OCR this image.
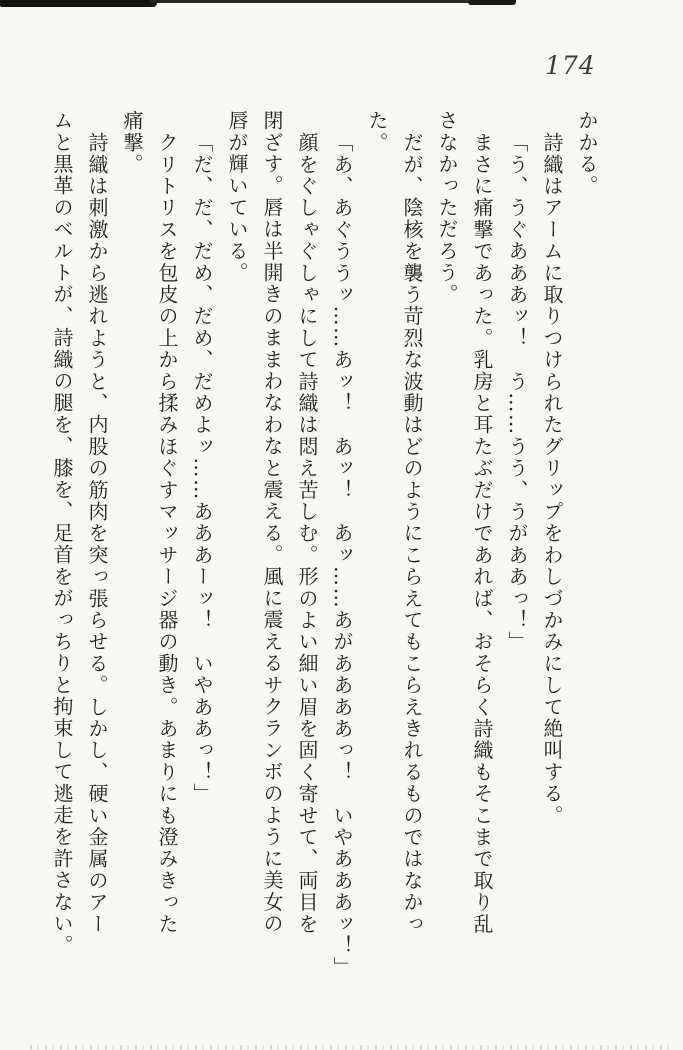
174
かかる。
詩織はアームに取りつけられたグリップをわしづかみにして絶叫する。
「う、うぐあああッ！　う……うう、うがああっ！」
まさに痛撃であった。乳房と耳たぶだけであれば、おそらく詩織もそこまで取り乱
さなかっただろう。
だが、陰核を襲う苛烈な波動はどのようにこらえてもこらえきれるものではなかっ
た。
「あ、あぐううッ……あッ！　あッ！　あッ……あがああああっ！　いやあああッ！」
顔をぐしゃぐしゃにして詩織は悶え苦しむ。形のよい細い眉を固く寄せて、両目を
閉ざす。唇は半開きのままわなわなと震える。風に震えるサクランボのように美女の
唇が輝いている。
「だ、だ、だめ、だめ、だめよッ……あああーッ！　いやああっ！」
クリトリスを包皮の上から揉みほぐすマッサージ器の動き。あまりにも澄みきった
痛撃。
詩織は刺激から逃れようと、内股の筋肉を突っ張らせる。しかし、硬い金属のアー
ムと黒革のベルトが、詩織の腿を、膝を、足首をがっちりと拘束して逃走を許さない。
